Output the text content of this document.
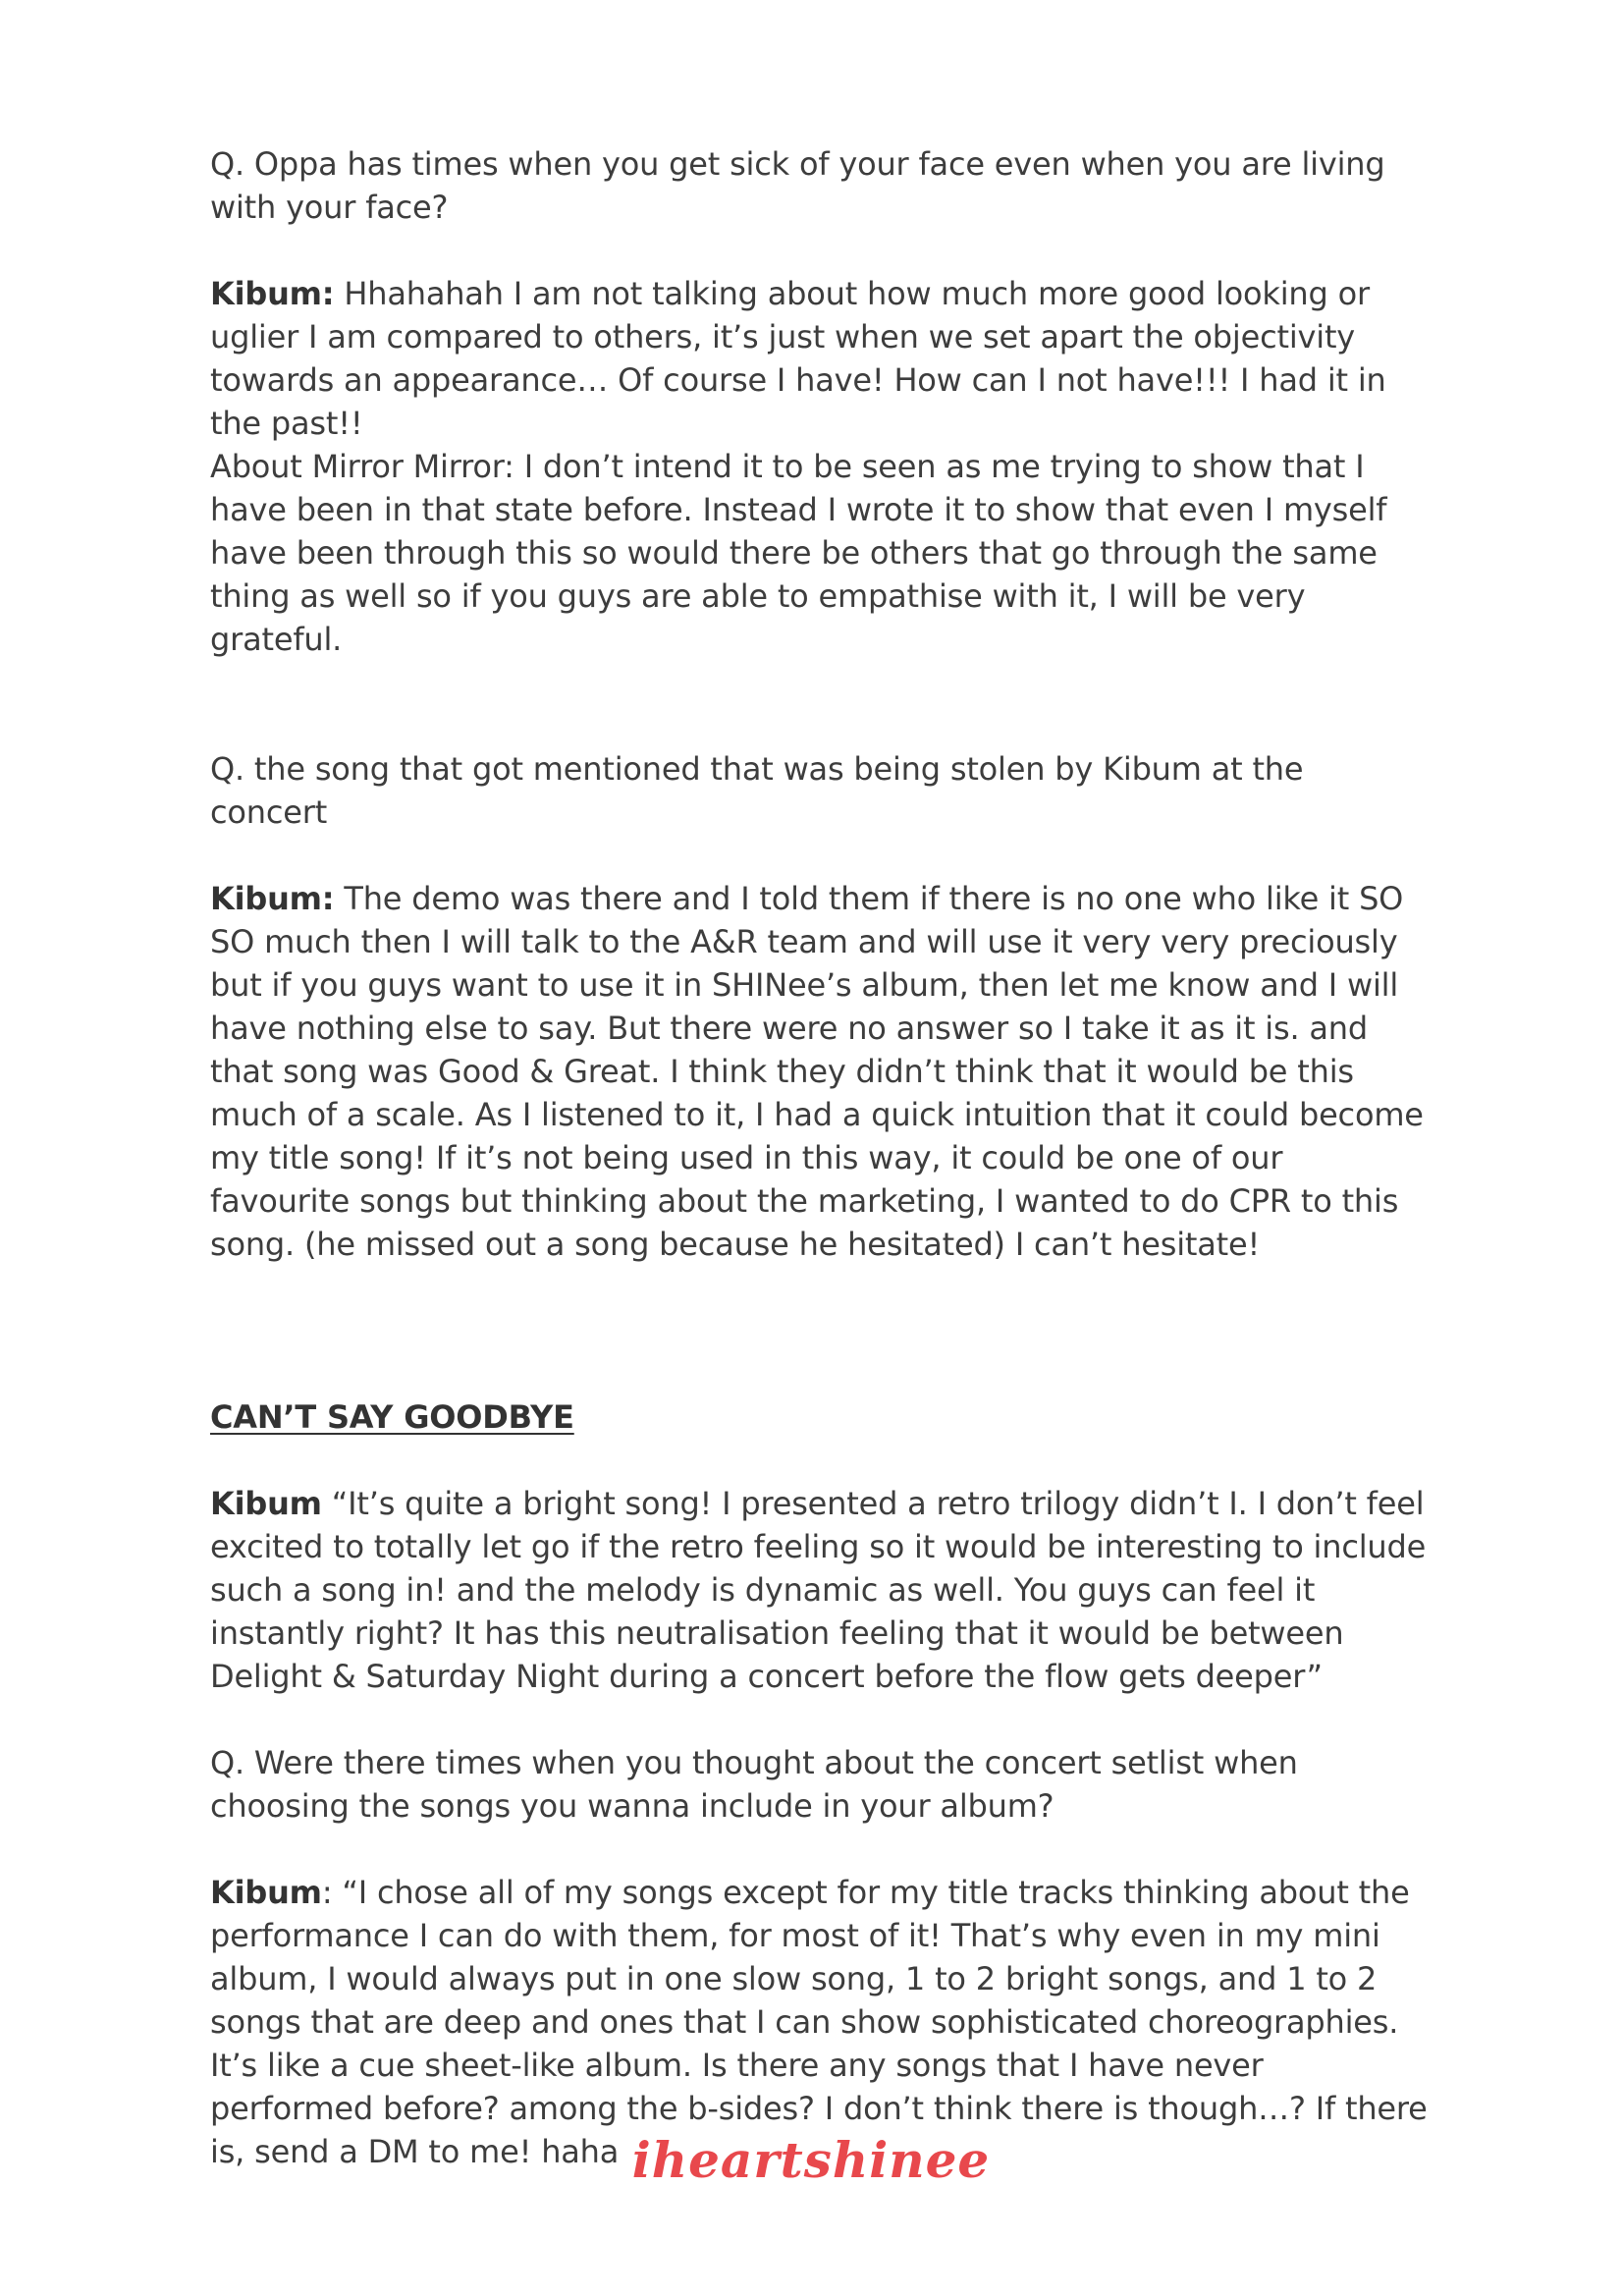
Q. Oppa has times when you get sick of your face even when you are living with your face?

Kibum: Hhahahah I am not talking about how much more good looking or uglier I am compared to others, it’s just when we set apart the objectivity towards an appearance… Of course I have! How can I not have!!! I had it in the past!!

About Mirror Mirror: I don’t intend it to be seen as me trying to show that I have been in that state before. Instead I wrote it to show that even I myself have been through this so would there be others that go through the same thing as well so if you guys are able to empathise with it, I will be very grateful.

Q. the song that got mentioned that was being stolen by Kibum at the concert

Kibum: The demo was there and I told them if there is no one who like it SO SO much then I will talk to the A&R team and will use it very very preciously but if you guys want to use it in SHINee’s album, then let me know and I will have nothing else to say. But there were no answer so I take it as it is. and that song was Good & Great. I think they didn’t think that it would be this much of a scale. As I listened to it, I had a quick intuition that it could become my title song! If it’s not being used in this way, it could be one of our favourite songs but thinking about the marketing, I wanted to do CPR to this song. (he missed out a song because he hesitated) I can’t hesitate!

CAN’T SAY GOODBYE

Kibum “It’s quite a bright song! I presented a retro trilogy didn’t I. I don’t feel excited to totally let go if the retro feeling so it would be interesting to include such a song in! and the melody is dynamic as well. You guys can feel it instantly right? It has this neutralisation feeling that it would be between Delight & Saturday Night during a concert before the flow gets deeper”

Q. Were there times when you thought about the concert setlist when choosing the songs you wanna include in your album?

Kibum: “I chose all of my songs except for my title tracks thinking about the performance I can do with them, for most of it! That’s why even in my mini album, I would always put in one slow song, 1 to 2 bright songs, and 1 to 2 songs that are deep and ones that I can show sophisticated choreographies. It’s like a cue sheet-like album. Is there any songs that I have never performed before? among the b-sides? I don’t think there is though…? If there is, send a DM to me! haha iheartshinee
